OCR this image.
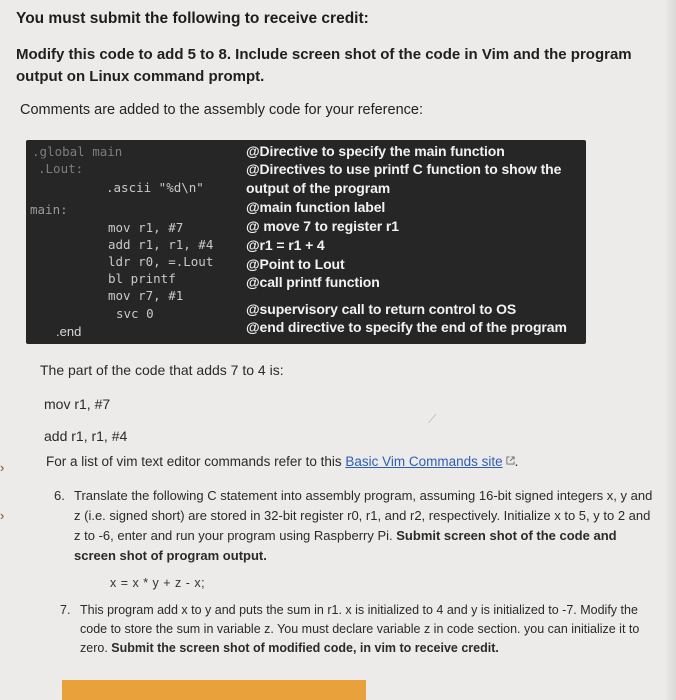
You must submit the following to receive credit:
Modify this code to add 5 to 8. Include screen shot of the code in Vim and the program output on Linux command prompt.
Comments are added to the assembly code for your reference:
.global main
.Lout:
.ascii "%d\n"
main:
mov r1, #7
add r1, r1, #4
ldr r0, =.Lout
bl printf
mov r7, #1
svc 0
.end
@Directive to specify the main function
@Directives to use printf C function to show the
output of the program
@main function label
@ move 7 to register r1
@r1 = r1 + 4
@Point to Lout
@call printf function
@supervisory call to return control to OS
@end directive to specify the end of the program
The part of the code that adds 7 to 4 is:
mov r1, #7
add r1, r1, #4
⟋
For a list of vim text editor commands refer to this Basic Vim Commands site .
›
›
6. Translate the following C statement into assembly program, assuming 16-bit signed integers x, y and z (i.e. signed short) are stored in 32-bit register r0, r1, and r2, respectively. Initialize x to 5, y to 2 and z to -6, enter and run your program using Raspberry Pi. Submit screen shot of the code and screen shot of program output.
x = x * y + z - x;
7. This program add x to y and puts the sum in r1. x is initialized to 4 and y is initialized to -7. Modify the code to store the sum in variable z. You must declare variable z in code section. you can initialize it to zero. Submit the screen shot of modified code, in vim to receive credit.
